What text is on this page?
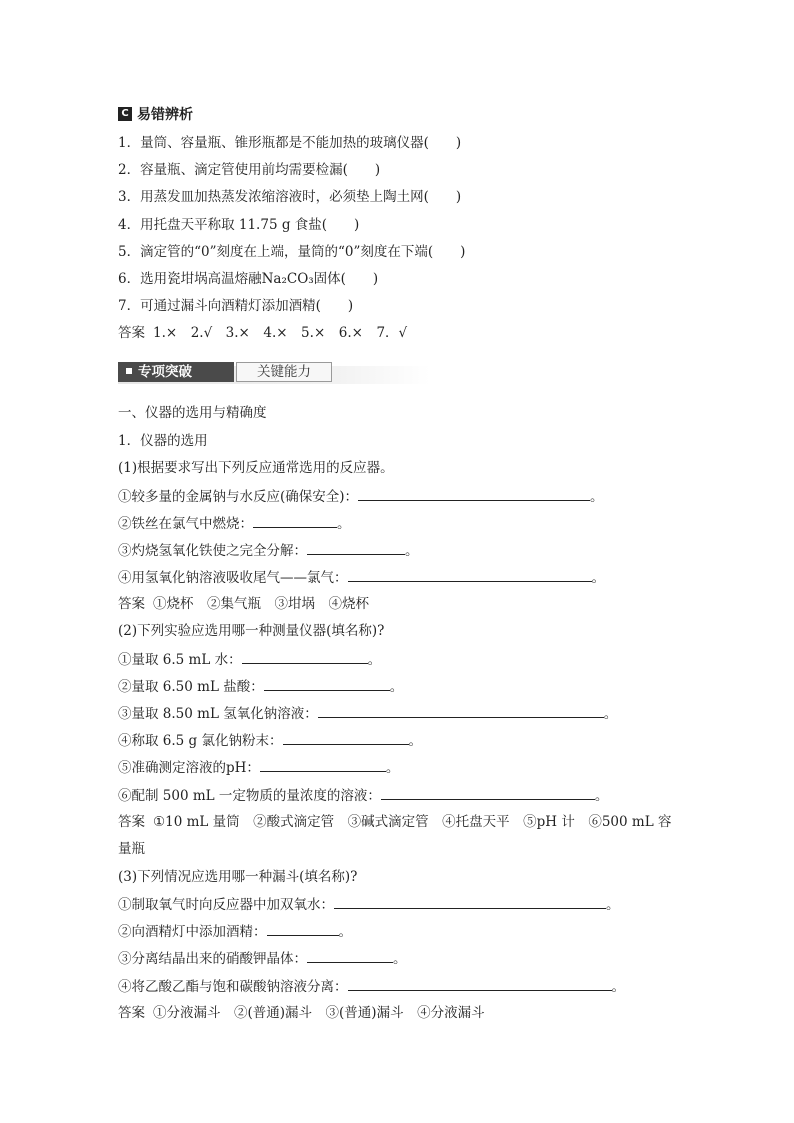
C 易错辨析
1．量筒、容量瓶、锥形瓶都是不能加热的玻璃仪器(　　)
2．容量瓶、滴定管使用前均需要检漏(　　)
3．用蒸发皿加热蒸发浓缩溶液时，必须垫上陶土网(　　)
4．用托盘天平称取 11.75 g 食盐(　　)
5．滴定管的“0”刻度在上端，量筒的“0”刻度在下端(　　)
6．选用瓷坩埚高温熔融Na₂CO₃固体(　　)
7．可通过漏斗向酒精灯添加酒精(　　)
答案 1.×　2.√　3.×　4.×　5.×　6.×　7．√
专项突破	关键能力
一、仪器的选用与精确度
1．仪器的选用
(1)根据要求写出下列反应通常选用的反应器。
①较多量的金属钠与水反应(确保安全)：	。
②铁丝在氯气中燃烧：	。
③灼烧氢氧化铁使之完全分解：	。
④用氢氧化钠溶液吸收尾气——氯气：	。
答案 ①烧杯　②集气瓶　③坩埚　④烧杯
(2)下列实验应选用哪一种测量仪器(填名称)?
①量取 6.5 mL 水：	。
②量取 6.50 mL 盐酸：	。
③量取 8.50 mL 氢氧化钠溶液：	。
④称取 6.5 g 氯化钠粉末：	。
⑤准确测定溶液的pH：	。
⑥配制 500 mL 一定物质的量浓度的溶液：	。
答案 ①10 mL 量筒　②酸式滴定管　③碱式滴定管　④托盘天平　⑤pH 计　⑥500 mL 容
量瓶
(3)下列情况应选用哪一种漏斗(填名称)?
①制取氧气时向反应器中加双氧水：	。
②向酒精灯中添加酒精：	。
③分离结晶出来的硝酸钾晶体：	。
④将乙酸乙酯与饱和碳酸钠溶液分离：	。
答案 ①分液漏斗　②(普通)漏斗　③(普通)漏斗　④分液漏斗
